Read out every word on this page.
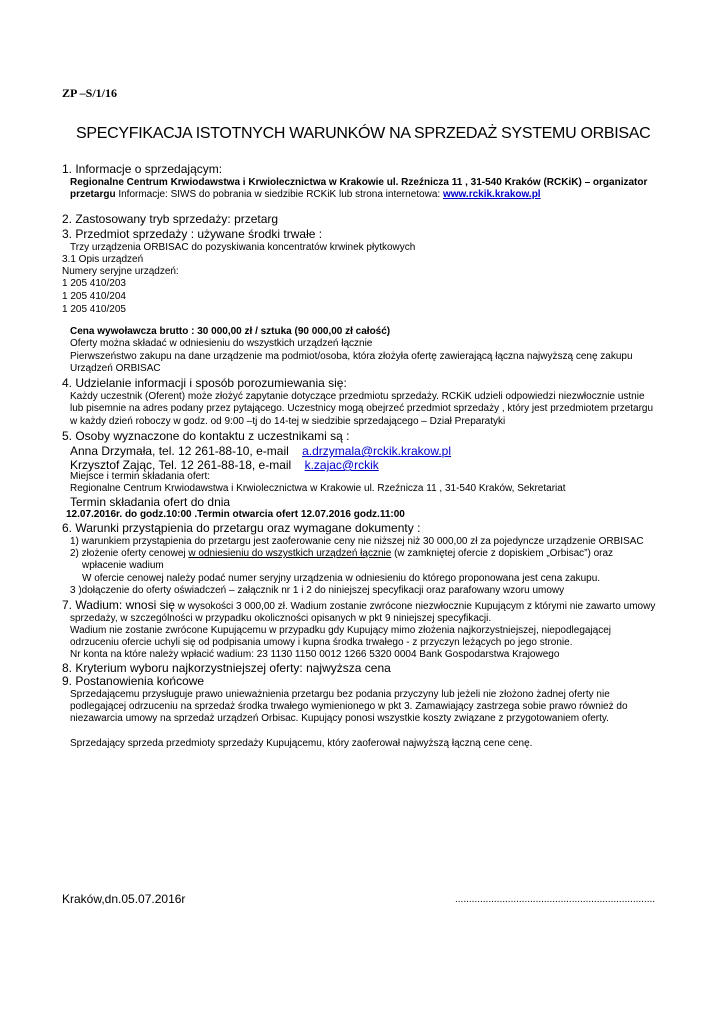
ZP –S/1/16
SPECYFIKACJA ISTOTNYCH WARUNKÓW NA SPRZEDAŻ SYSTEMU ORBISAC
1. Informacje o sprzedającym:
Regionalne Centrum Krwiodawstwa i Krwiolecznictwa w Krakowie ul. Rzeźnicza 11 , 31-540 Kraków (RCKiK) – organizator
przetargu Informacje: SIWS do pobrania w siedzibie RCKiK lub strona internetowa: www.rckik.krakow.pl
2. Zastosowany tryb sprzedaży: przetarg
3. Przedmiot sprzedaży : używane środki trwałe :
Trzy urządzenia ORBISAC do pozyskiwania koncentratów krwinek płytkowych
3.1 Opis urządzeń
Numery seryjne urządzeń:
1 205 410/203
1 205 410/204
1 205 410/205
Cena wywoławcza brutto : 30 000,00 zł / sztuka (90 000,00 zł całość)
Oferty można składać w odniesieniu do wszystkich urządzeń łącznie
Pierwszeństwo zakupu na dane urządzenie ma podmiot/osoba, która złożyła ofertę zawierającą łączna najwyższą cenę zakupu
Urządzeń ORBISAC
4. Udzielanie informacji i sposób porozumiewania się:
Każdy uczestnik (Oferent) może złożyć zapytanie dotyczące przedmiotu sprzedaży. RCKiK udzieli odpowiedzi niezwłocznie ustnie
lub pisemnie na adres podany przez pytającego. Uczestnicy mogą obejrzeć przedmiot sprzedaży , który jest przedmiotem przetargu
w każdy dzień roboczy w godz. od 9:00 –tj do 14-tej w siedzibie sprzedającego – Dział Preparatyki
5. Osoby wyznaczone do kontaktu z uczestnikami są :
Anna Drzymała, tel. 12 261-88-10, e-mail a.drzymala@rckik.krakow.pl
Krzysztof Zając, Tel. 12 261-88-18, e-mail k.zajac@rckik
Miejsce i termin składania ofert:
Regionalne Centrum Krwiodawstwa i Krwiolecznictwa w Krakowie ul. Rzeźnicza 11 , 31-540 Kraków, Sekretariat
Termin składania ofert do dnia
12.07.2016r. do godz.10:00 .Termin otwarcia ofert 12.07.2016 godz.11:00
6. Warunki przystąpienia do przetargu oraz wymagane dokumenty :
1) warunkiem przystąpienia do przetargu jest zaoferowanie ceny nie niższej niż 30 000,00 zł za pojedyncze urządzenie ORBISAC
2) złożenie oferty cenowej w odniesieniu do wszystkich urządzeń łącznie (w zamkniętej ofercie z dopiskiem „Orbisac”) oraz
wpłacenie wadium
W ofercie cenowej należy podać numer seryjny urządzenia w odniesieniu do którego proponowana jest cena zakupu.
3 )dołączenie do oferty oświadczeń – załącznik nr 1 i 2 do niniejszej specyfikacji oraz parafowany wzoru umowy
7. Wadium: wnosi się w wysokości 3 000,00 zł. Wadium zostanie zwrócone niezwłocznie Kupującym z którymi nie zawarto umowy
sprzedaży, w szczególności w przypadku okoliczności opisanych w pkt 9 niniejszej specyfikacji.
Wadium nie zostanie zwrócone Kupującemu w przypadku gdy Kupujący mimo złożenia najkorzystniejszej, niepodlegającej
odrzuceniu ofercie uchyli się od podpisania umowy i kupna środka trwałego - z przyczyn leżących po jego stronie.
Nr konta na które należy wpłacić wadium: 23 1130 1150 0012 1266 5320 0004 Bank Gospodarstwa Krajowego
8. Kryterium wyboru najkorzystniejszej oferty: najwyższa cena
9. Postanowienia końcowe
Sprzedającemu przysługuje prawo unieważnienia przetargu bez podania przyczyny lub jeżeli nie złożono żadnej oferty nie
podlegającej odrzuceniu na sprzedaż środka trwałego wymienionego w pkt 3. Zamawiający zastrzega sobie prawo również do
niezawarcia umowy na sprzedaż urządzeń Orbisac. Kupujący ponosi wszystkie koszty związane z przygotowaniem oferty.
Sprzedający sprzeda przedmioty sprzedaży Kupującemu, który zaoferował najwyższą łączną cene cenę.
Kraków,dn.05.07.2016r	........................................................................
